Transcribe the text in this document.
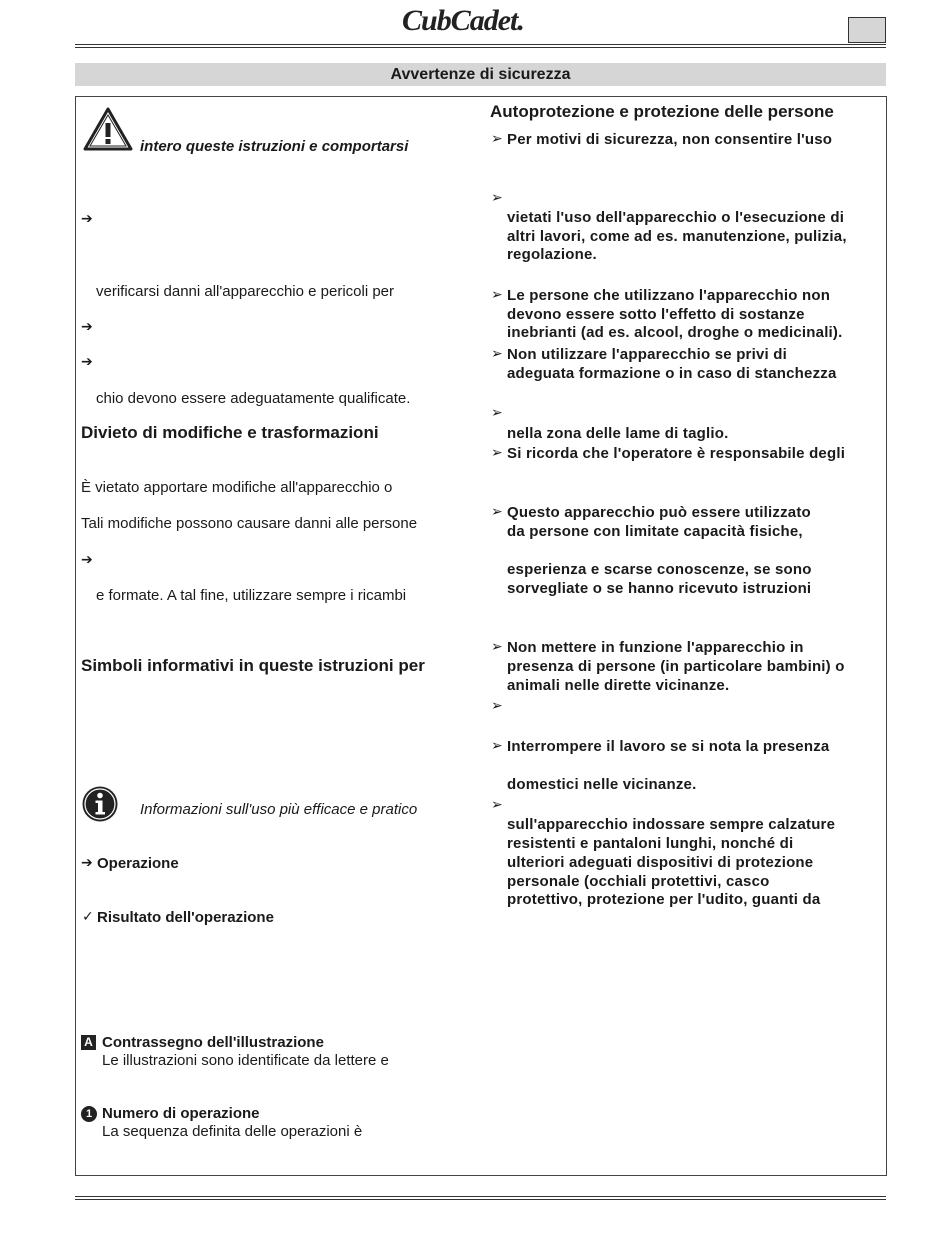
CubCadet.
Avvertenze di sicurezza
intero queste istruzioni e comportarsi
➔
verificarsi danni all'apparecchio e pericoli per
➔
➔
chio devono essere adeguatamente qualificate.
Divieto di modifiche e trasformazioni
È vietato apportare modifiche all'apparecchio o
Tali modifiche possono causare danni alle persone
➔
e formate. A tal fine, utilizzare sempre i ricambi
Simboli informativi in queste istruzioni per
Informazioni sull'uso più efficace e pratico
➔ Operazione
✓ Risultato dell'operazione
A Contrassegno dell'illustrazione
Le illustrazioni sono identificate da lettere e
1 Numero di operazione
La sequenza definita delle operazioni è
Autoprotezione e protezione delle persone
➢ Per motivi di sicurezza, non consentire l'uso
➢
vietati l'uso dell'apparecchio o l'esecuzione di
altri lavori, come ad es. manutenzione, pulizia,
regolazione.
➢ Le persone che utilizzano l'apparecchio non
devono essere sotto l'effetto di sostanze
inebrianti (ad es. alcool, droghe o medicinali).
➢ Non utilizzare l'apparecchio se privi di
adeguata formazione o in caso di stanchezza
➢
nella zona delle lame di taglio.
➢ Si ricorda che l'operatore è responsabile degli
➢ Questo apparecchio può essere utilizzato
da persone con limitate capacità fisiche,
esperienza e scarse conoscenze, se sono
sorvegliate o se hanno ricevuto istruzioni
➢ Non mettere in funzione l'apparecchio in
presenza di persone (in particolare bambini) o
animali nelle dirette vicinanze.
➢
➢ Interrompere il lavoro se si nota la presenza
domestici nelle vicinanze.
➢
sull'apparecchio indossare sempre calzature
resistenti e pantaloni lunghi, nonché di
ulteriori adeguati dispositivi di protezione
personale (occhiali protettivi, casco
protettivo, protezione per l'udito, guanti da
